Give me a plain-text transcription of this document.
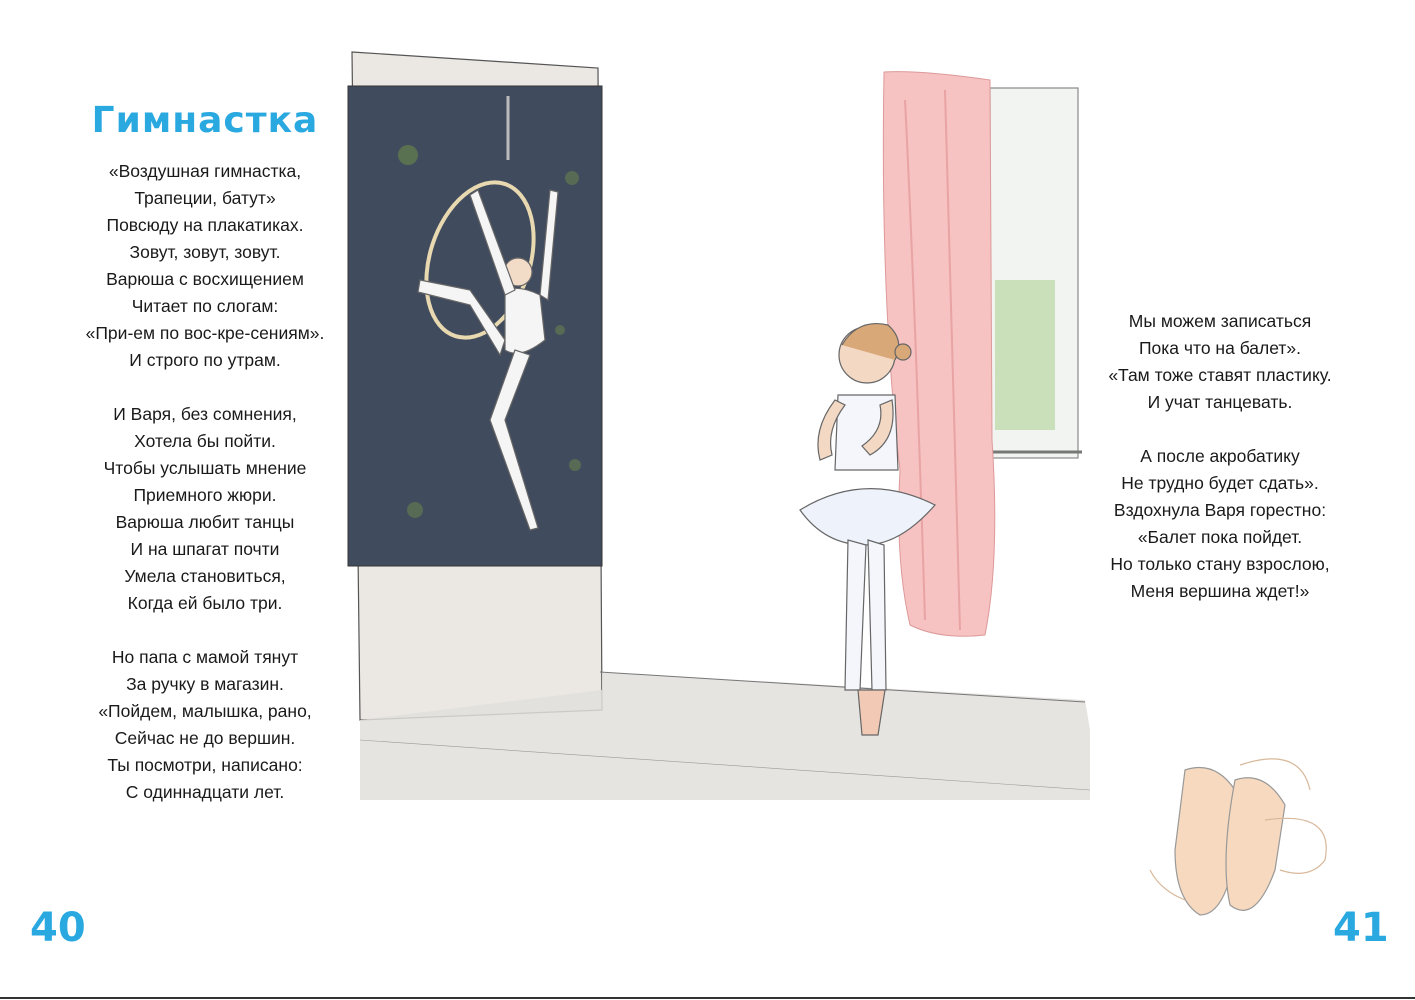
Гимнастка
«Воздушная гимнастка,
Трапеции, батут»
Повсюду на плакатиках.
Зовут, зовут, зовут.
Варюша с восхищением
Читает по слогам:
«При-ем по вос-кре-сениям».
И строго по утрам.
И Варя, без сомнения,
Хотела бы пойти.
Чтобы услышать мнение
Приемного жюри.
Варюша любит танцы
И на шпагат почти
Умела становиться,
Когда ей было три.
Но папа с мамой тянут
За ручку в магазин.
«Пойдем, малышка, рано,
Сейчас не до вершин.
Ты посмотри, написано:
С одиннадцати лет.
Мы можем записаться
Пока что на балет».
«Там тоже ставят пластику.
И учат танцевать.
А после акробатику
Не трудно будет сдать».
Вздохнула Варя горестно:
«Балет пока пойдет.
Но только стану взрослою,
Меня вершина ждет!»
40	41
